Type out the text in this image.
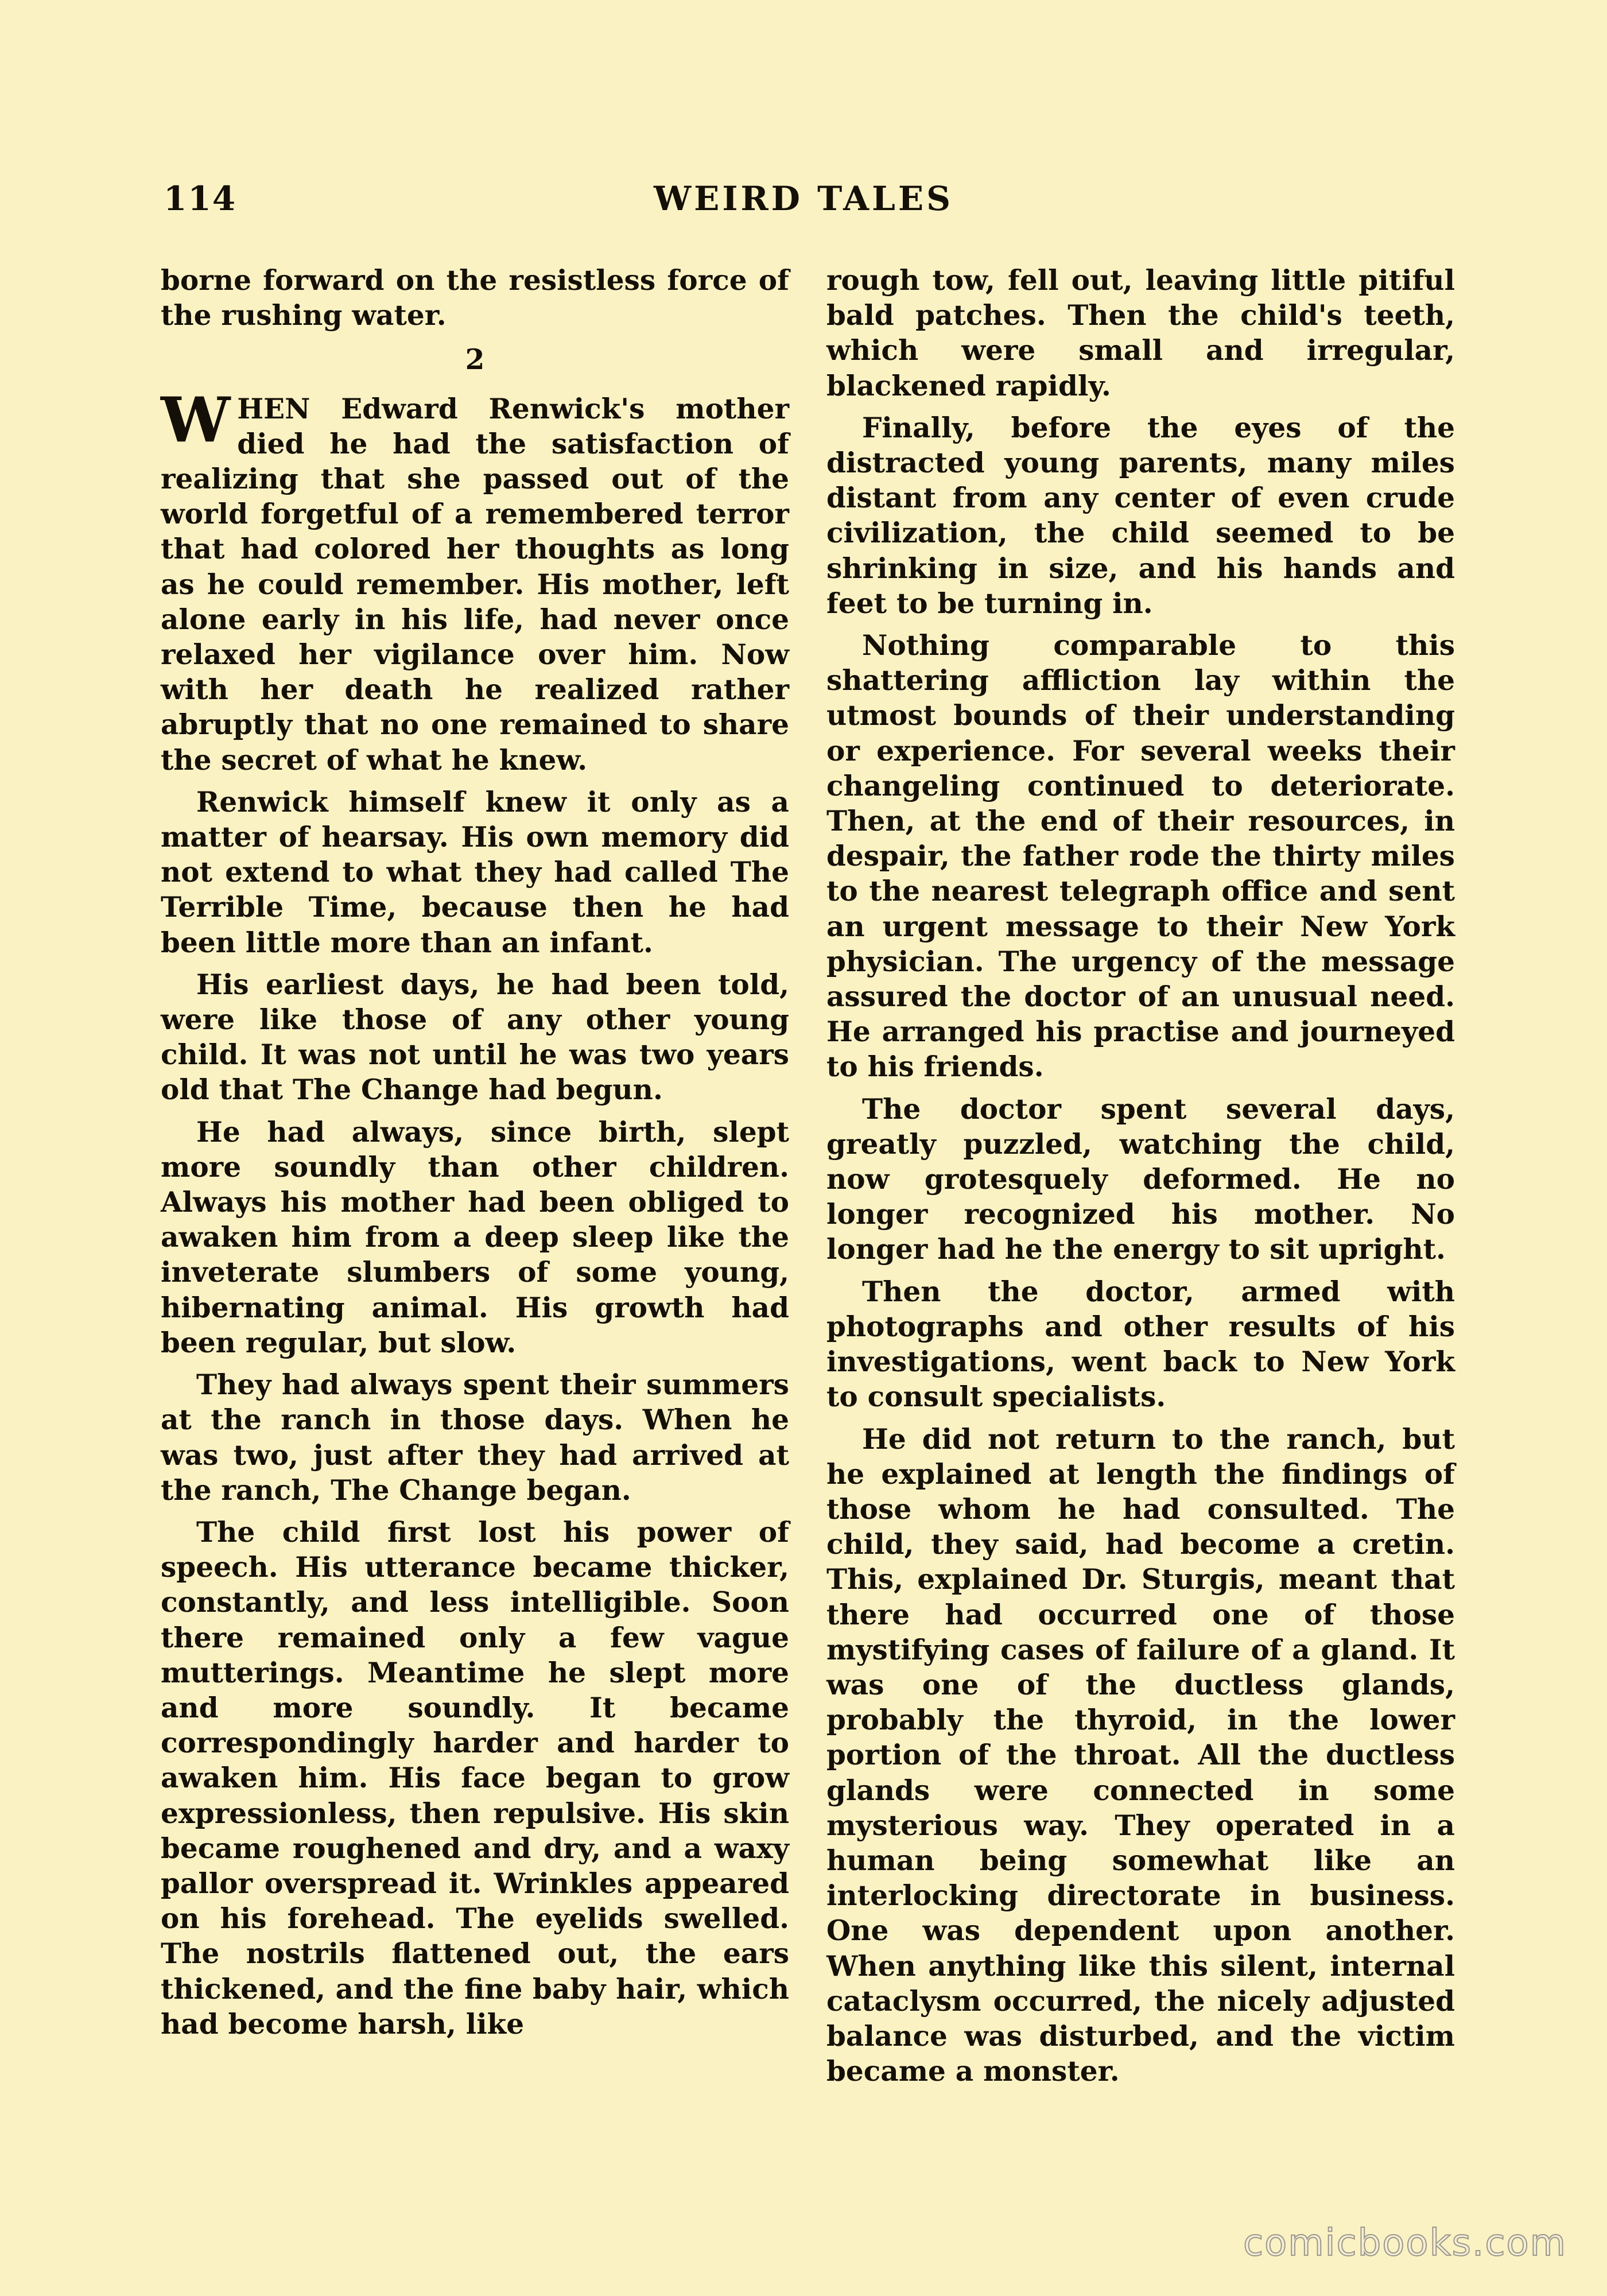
114	WEIRD TALES

borne forward on the resistless force of the rushing water.

2

WHEN Edward Renwick's mother died he had the satisfaction of realizing that she passed out of the world forgetful of a remembered terror that had colored her thoughts as long as he could remember. His mother, left alone early in his life, had never once relaxed her vigilance over him. Now with her death he realized rather abruptly that no one remained to share the secret of what he knew.

Renwick himself knew it only as a matter of hearsay. His own memory did not extend to what they had called The Terrible Time, because then he had been little more than an infant.

His earliest days, he had been told, were like those of any other young child. It was not until he was two years old that The Change had begun.

He had always, since birth, slept more soundly than other children. Always his mother had been obliged to awaken him from a deep sleep like the inveterate slumbers of some young, hibernating animal. His growth had been regular, but slow.

They had always spent their summers at the ranch in those days. When he was two, just after they had arrived at the ranch, The Change began.

The child first lost his power of speech. His utterance became thicker, constantly, and less intelligible. Soon there remained only a few vague mutterings. Meantime he slept more and more soundly. It became correspondingly harder and harder to awaken him. His face began to grow expressionless, then repulsive. His skin became roughened and dry, and a waxy pallor overspread it. Wrinkles appeared on his forehead. The eyelids swelled. The nostrils flattened out, the ears thickened, and the fine baby hair, which had become harsh, like

rough tow, fell out, leaving little pitiful bald patches. Then the child's teeth, which were small and irregular, blackened rapidly.

Finally, before the eyes of the distracted young parents, many miles distant from any center of even crude civilization, the child seemed to be shrinking in size, and his hands and feet to be turning in.

Nothing comparable to this shattering affliction lay within the utmost bounds of their understanding or experience. For several weeks their changeling continued to deteriorate. Then, at the end of their resources, in despair, the father rode the thirty miles to the nearest telegraph office and sent an urgent message to their New York physician. The urgency of the message assured the doctor of an unusual need. He arranged his practise and journeyed to his friends.

The doctor spent several days, greatly puzzled, watching the child, now grotesquely deformed. He no longer recognized his mother. No longer had he the energy to sit upright.

Then the doctor, armed with photographs and other results of his investigations, went back to New York to consult specialists.

He did not return to the ranch, but he explained at length the findings of those whom he had consulted. The child, they said, had become a cretin. This, explained Dr. Sturgis, meant that there had occurred one of those mystifying cases of failure of a gland. It was one of the ductless glands, probably the thyroid, in the lower portion of the throat. All the ductless glands were connected in some mysterious way. They operated in a human being somewhat like an interlocking directorate in business. One was dependent upon another. When anything like this silent, internal cataclysm occurred, the nicely adjusted balance was disturbed, and the victim became a monster.

comicbooks.com
